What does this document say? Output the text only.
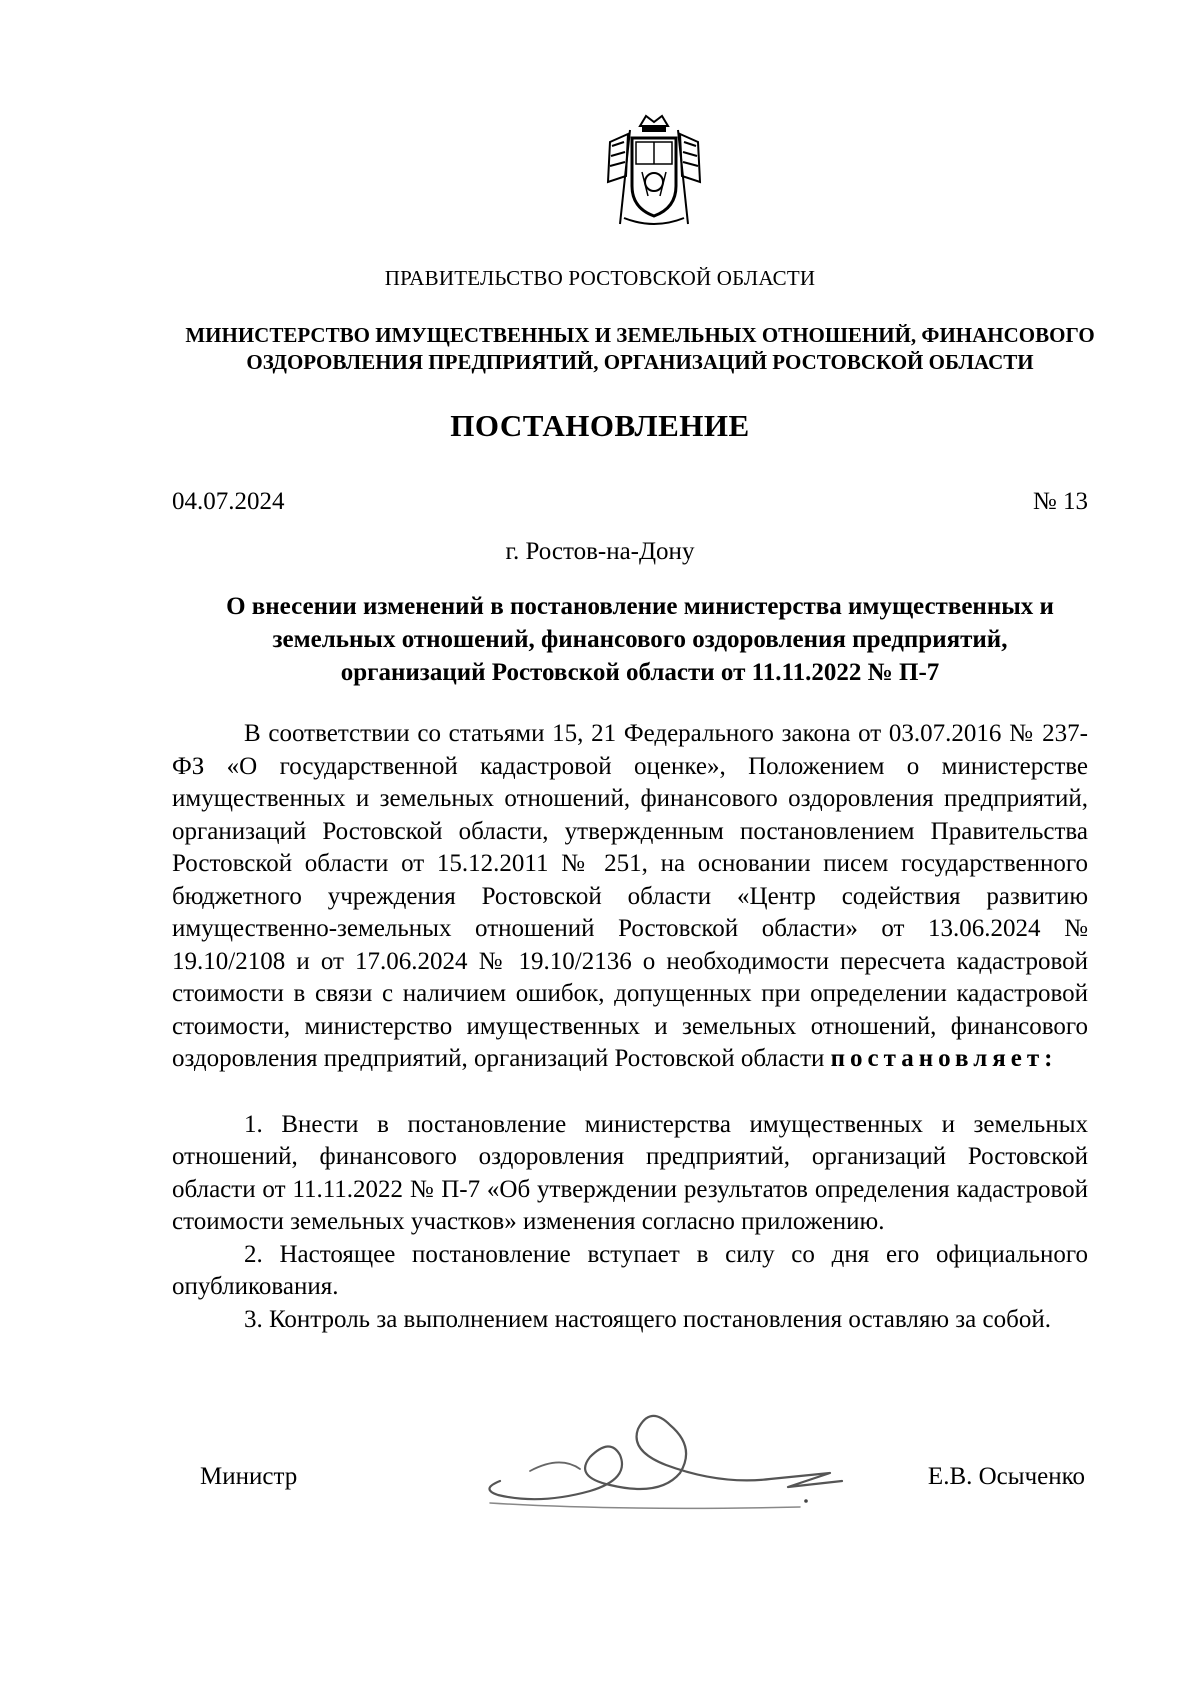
ПРАВИТЕЛЬСТВО РОСТОВСКОЙ ОБЛАСТИ
МИНИСТЕРСТВО ИМУЩЕСТВЕННЫХ И ЗЕМЕЛЬНЫХ ОТНОШЕНИЙ, ФИНАНСОВОГО
ОЗДОРОВЛЕНИЯ ПРЕДПРИЯТИЙ, ОРГАНИЗАЦИЙ РОСТОВСКОЙ ОБЛАСТИ
ПОСТАНОВЛЕНИЕ
04.07.2024	№ 13
г. Ростов-на-Дону
О внесении изменений в постановление министерства имущественных и
земельных отношений, финансового оздоровления предприятий,
организаций Ростовской области от 11.11.2022 № П-7

В соответствии со статьями 15, 21 Федерального закона от 03.07.2016 № 237-ФЗ «О государственной кадастровой оценке», Положением о министерстве имущественных и земельных отношений, финансового оздоровления предприятий, организаций Ростовской области, утвержденным постановлением Правительства Ростовской области от 15.12.2011 № 251, на основании писем государственного бюджетного учреждения Ростовской области «Центр содействия развитию имущественно-земельных отношений Ростовской области» от 13.06.2024 № 19.10/2108 и от 17.06.2024 № 19.10/2136 о необходимости пересчета кадастровой стоимости в связи с наличием ошибок, допущенных при определении кадастровой стоимости, министерство имущественных и земельных отношений, финансового оздоровления предприятий, организаций Ростовской области постановляет:

1. Внести в постановление министерства имущественных и земельных отношений, финансового оздоровления предприятий, организаций Ростовской области от 11.11.2022 № П-7 «Об утверждении результатов определения кадастровой стоимости земельных участков» изменения согласно приложению.

2. Настоящее постановление вступает в силу со дня его официального опубликования.

3. Контроль за выполнением настоящего постановления оставляю за собой.

Министр	Е.В. Осыченко
